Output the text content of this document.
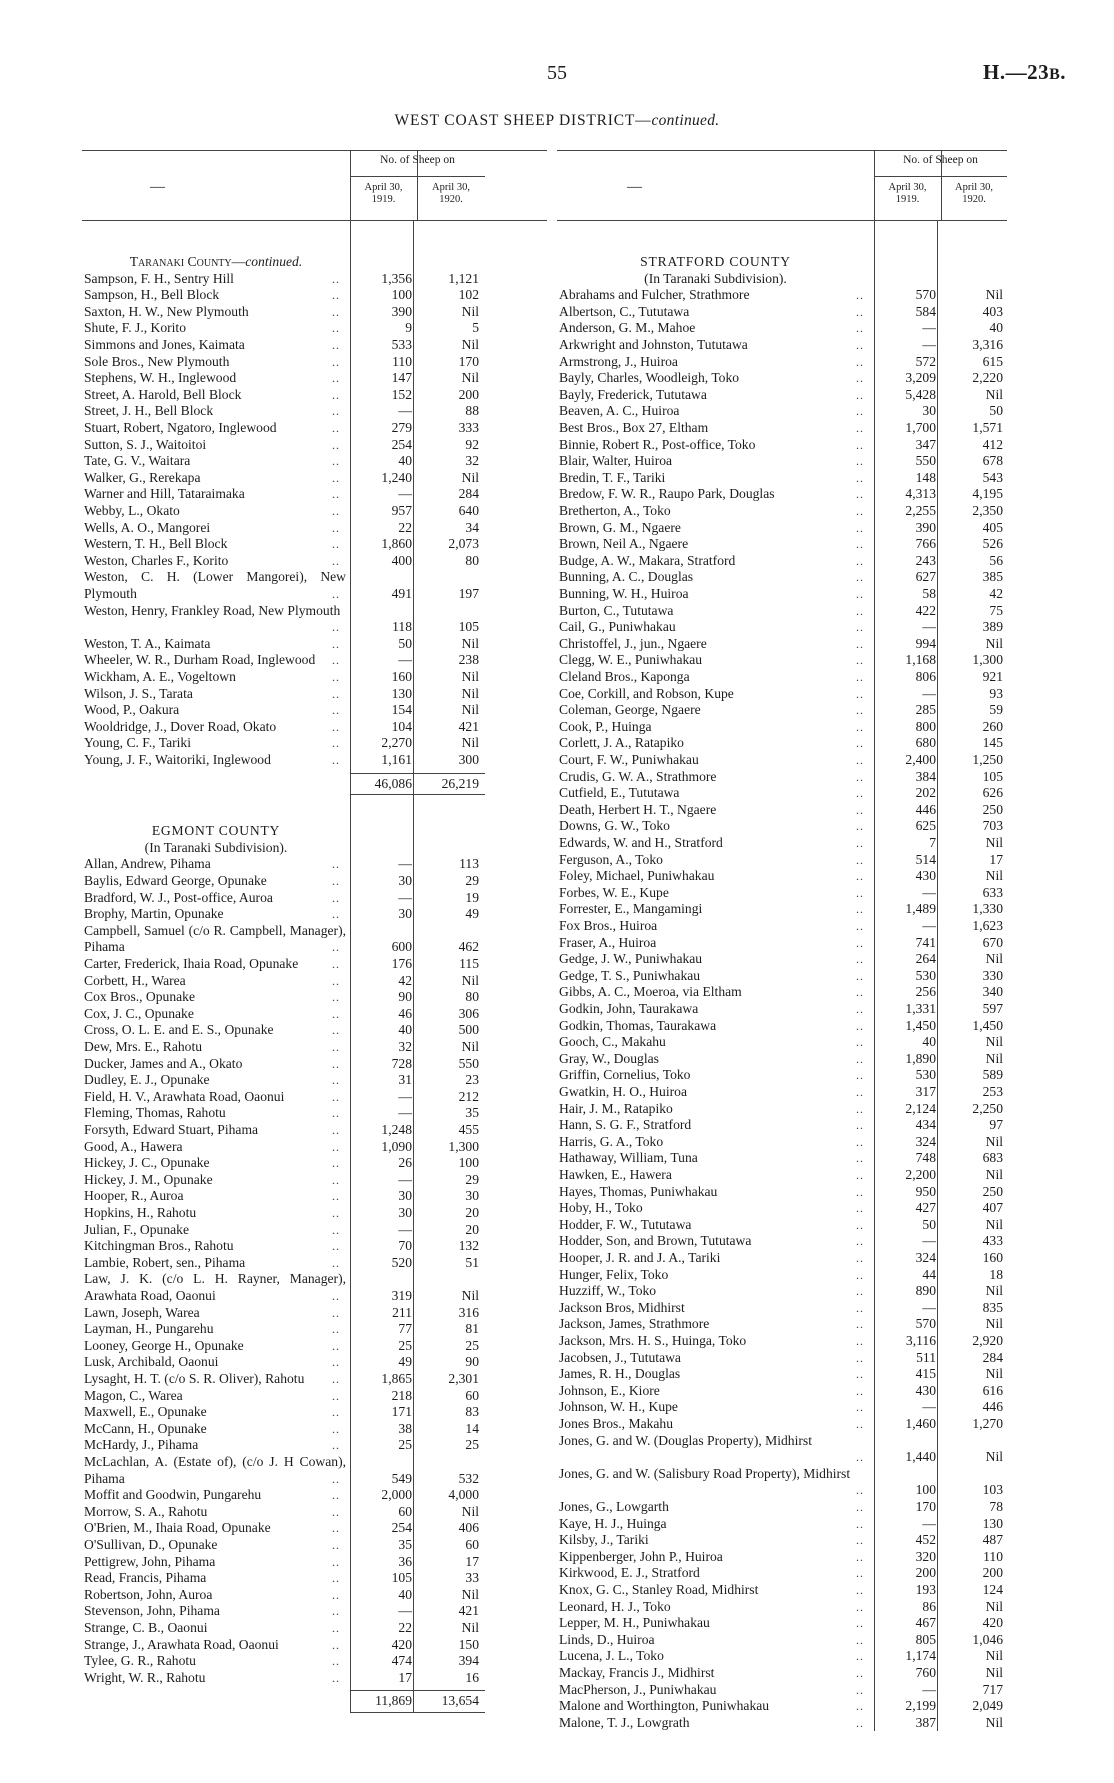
55	H.—23B.
WEST COAST SHEEP DISTRICT—continued.
—
No. of Sheep on
April 30,
1919.
April 30,
1920.
Taranaki County—continued.
Sampson, F. H., Sentry Hill	..	1,356	1,121
Sampson, H., Bell Block	..	100	102
Saxton, H. W., New Plymouth	..	390	Nil
Shute, F. J., Korito	..	9	5
Simmons and Jones, Kaimata	..	533	Nil
Sole Bros., New Plymouth	..	110	170
Stephens, W. H., Inglewood	..	147	Nil
Street, A. Harold, Bell Block	..	152	200
Street, J. H., Bell Block	..	—	88
Stuart, Robert, Ngatoro, Inglewood	..	279	333
Sutton, S. J., Waitoitoi	..	254	92
Tate, G. V., Waitara	..	40	32
Walker, G., Rerekapa	..	1,240	Nil
Warner and Hill, Tataraimaka	..	—	284
Webby, L., Okato	..	957	640
Wells, A. O., Mangorei	..	22	34
Western, T. H., Bell Block	..	1,860	2,073
Weston, Charles F., Korito	..	400	80
Weston, C. H. (Lower Mangorei), New Plymouth	..	491	197
Weston, Henry, Frankley Road, New Plymouth
..	118	105
Weston, T. A., Kaimata	..	50	Nil
Wheeler, W. R., Durham Road, Inglewood ..	—	238
Wickham, A. E., Vogeltown	..	160	Nil
Wilson, J. S., Tarata	..	130	Nil
Wood, P., Oakura	..	154	Nil
Wooldridge, J., Dover Road, Okato	..	104	421
Young, C. F., Tariki	..	2,270	Nil
Young, J. F., Waitoriki, Inglewood	..	1,161	300
46,086	26,219
EGMONT COUNTY
(In Taranaki Subdivision).
Allan, Andrew, Pihama	..	—	113
Baylis, Edward George, Opunake	..	30	29
Bradford, W. J., Post-office, Auroa	..	—	19
Brophy, Martin, Opunake	..	30	49
Campbell, Samuel (c/o R. Campbell, Manager), Pihama	..	600	462
Carter, Frederick, Ihaia Road, Opunake	..	176	115
Corbett, H., Warea	..	42	Nil
Cox Bros., Opunake	..	90	80
Cox, J. C., Opunake	..	46	306
Cross, O. L. E. and E. S., Opunake	..	40	500
Dew, Mrs. E., Rahotu	..	32	Nil
Ducker, James and A., Okato	..	728	550
Dudley, E. J., Opunake	..	31	23
Field, H. V., Arawhata Road, Oaonui	..	—	212
Fleming, Thomas, Rahotu	..	—	35
Forsyth, Edward Stuart, Pihama	..	1,248	455
Good, A., Hawera	..	1,090	1,300
Hickey, J. C., Opunake	..	26	100
Hickey, J. M., Opunake	..	—	29
Hooper, R., Auroa	..	30	30
Hopkins, H., Rahotu	..	30	20
Julian, F., Opunake	..	—	20
Kitchingman Bros., Rahotu	..	70	132
Lambie, Robert, sen., Pihama	..	520	51
Law, J. K. (c/o L. H. Rayner, Manager), Arawhata Road, Oaonui	..	319	Nil
Lawn, Joseph, Warea	..	211	316
Layman, H., Pungarehu	..	77	81
Looney, George H., Opunake	..	25	25
Lusk, Archibald, Oaonui	..	49	90
Lysaght, H. T. (c/o S. R. Oliver), Rahotu ..	1,865	2,301
Magon, C., Warea	..	218	60
Maxwell, E., Opunake	..	171	83
McCann, H., Opunake	..	38	14
McHardy, J., Pihama	..	25	25
McLachlan, A. (Estate of), (c/o J. H Cowan), Pihama	..	549	532
Moffit and Goodwin, Pungarehu	..	2,000	4,000
Morrow, S. A., Rahotu	..	60	Nil
O'Brien, M., Ihaia Road, Opunake	..	254	406
O'Sullivan, D., Opunake	..	35	60
Pettigrew, John, Pihama	..	36	17
Read, Francis, Pihama	..	105	33
Robertson, John, Auroa	..	40	Nil
Stevenson, John, Pihama	..	—	421
Strange, C. B., Oaonui	..	22	Nil
Strange, J., Arawhata Road, Oaonui	..	420	150
Tylee, G. R., Rahotu	..	474	394
Wright, W. R., Rahotu	..	17	16
11,869	13,654
—
No. of Sheep on
April 30,
1919.
April 30,
1920.
STRATFORD COUNTY
(In Taranaki Subdivision).
Abrahams and Fulcher, Strathmore	..	570	Nil
Albertson, C., Tututawa	..	584	403
Anderson, G. M., Mahoe	..	—	40
Arkwright and Johnston, Tututawa	..	—	3,316
Armstrong, J., Huiroa	..	572	615
Bayly, Charles, Woodleigh, Toko	..	3,209	2,220
Bayly, Frederick, Tututawa	..	5,428	Nil
Beaven, A. C., Huiroa	..	30	50
Best Bros., Box 27, Eltham	..	1,700	1,571
Binnie, Robert R., Post-office, Toko	..	347	412
Blair, Walter, Huiroa	..	550	678
Bredin, T. F., Tariki	..	148	543
Bredow, F. W. R., Raupo Park, Douglas	..	4,313	4,195
Bretherton, A., Toko	..	2,255	2,350
Brown, G. M., Ngaere	..	390	405
Brown, Neil A., Ngaere	..	766	526
Budge, A. W., Makara, Stratford	..	243	56
Bunning, A. C., Douglas	..	627	385
Bunning, W. H., Huiroa	..	58	42
Burton, C., Tututawa	..	422	75
Cail, G., Puniwhakau	..	—	389
Christoffel, J., jun., Ngaere	..	994	Nil
Clegg, W. E., Puniwhakau	..	1,168	1,300
Cleland Bros., Kaponga	..	806	921
Coe, Corkill, and Robson, Kupe	..	—	93
Coleman, George, Ngaere	..	285	59
Cook, P., Huinga	..	800	260
Corlett, J. A., Ratapiko	..	680	145
Court, F. W., Puniwhakau	..	2,400	1,250
Crudis, G. W. A., Strathmore	..	384	105
Cutfield, E., Tututawa	..	202	626
Death, Herbert H. T., Ngaere	..	446	250
Downs, G. W., Toko	..	625	703
Edwards, W. and H., Stratford	..	7	Nil
Ferguson, A., Toko	..	514	17
Foley, Michael, Puniwhakau	..	430	Nil
Forbes, W. E., Kupe	..	—	633
Forrester, E., Mangamingi	..	1,489	1,330
Fox Bros., Huiroa	..	—	1,623
Fraser, A., Huiroa	..	741	670
Gedge, J. W., Puniwhakau	..	264	Nil
Gedge, T. S., Puniwhakau	..	530	330
Gibbs, A. C., Moeroa, via Eltham	..	256	340
Godkin, John, Taurakawa	..	1,331	597
Godkin, Thomas, Taurakawa	..	1,450	1,450
Gooch, C., Makahu	..	40	Nil
Gray, W., Douglas	..	1,890	Nil
Griffin, Cornelius, Toko	..	530	589
Gwatkin, H. O., Huiroa	..	317	253
Hair, J. M., Ratapiko	..	2,124	2,250
Hann, S. G. F., Stratford	..	434	97
Harris, G. A., Toko	..	324	Nil
Hathaway, William, Tuna	..	748	683
Hawken, E., Hawera	..	2,200	Nil
Hayes, Thomas, Puniwhakau	..	950	250
Hoby, H., Toko	..	427	407
Hodder, F. W., Tututawa	..	50	Nil
Hodder, Son, and Brown, Tututawa	..	—	433
Hooper, J. R. and J. A., Tariki	..	324	160
Hunger, Felix, Toko	..	44	18
Huzziff, W., Toko	..	890	Nil
Jackson Bros, Midhirst	..	—	835
Jackson, James, Strathmore	..	570	Nil
Jackson, Mrs. H. S., Huinga, Toko	..	3,116	2,920
Jacobsen, J., Tututawa	..	511	284
James, R. H., Douglas	..	415	Nil
Johnson, E., Kiore	..	430	616
Johnson, W. H., Kupe	..	—	446
Jones Bros., Makahu	..	1,460	1,270
Jones, G. and W. (Douglas Property), Midhirst
..	1,440	Nil
Jones, G. and W. (Salisbury Road Property), Midhirst
..	100	103
Jones, G., Lowgarth	..	170	78
Kaye, H. J., Huinga	..	—	130
Kilsby, J., Tariki	..	452	487
Kippenberger, John P., Huiroa	..	320	110
Kirkwood, E. J., Stratford	..	200	200
Knox, G. C., Stanley Road, Midhirst	..	193	124
Leonard, H. J., Toko	..	86	Nil
Lepper, M. H., Puniwhakau	..	467	420
Linds, D., Huiroa	..	805	1,046
Lucena, J. L., Toko	..	1,174	Nil
Mackay, Francis J., Midhirst	..	760	Nil
MacPherson, J., Puniwhakau	..	—	717
Malone and Worthington, Puniwhakau	..	2,199	2,049
Malone, T. J., Lowgrath	..	387	Nil
